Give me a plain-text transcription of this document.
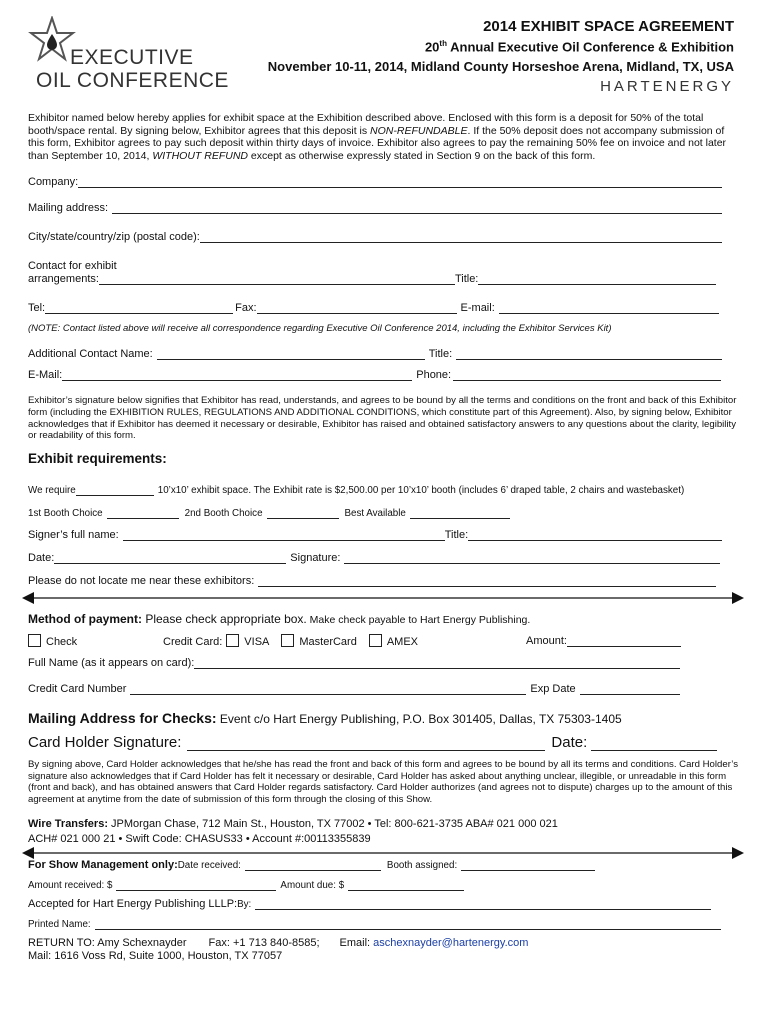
EXECUTIVE
OIL CONFERENCE
2014 EXHIBIT SPACE AGREEMENT
20th Annual Executive Oil Conference & Exhibition
November 10-11, 2014, Midland County Horseshoe Arena, Midland, TX, USA
HARTENERGY
Exhibitor named below hereby applies for exhibit space at the Exhibition described above. Enclosed with this form is a deposit for 50% of the total booth/space rental. By signing below, Exhibitor agrees that this deposit is NON-REFUNDABLE. If the 50% deposit does not accompany submission of this form, Exhibitor agrees to pay such deposit within thirty days of invoice. Exhibitor also agrees to pay the remaining 50% fee on invoice and not later than September 10, 2014, WITHOUT REFUND except as otherwise expressly stated in Section 9 on the back of this form.
Company:
Mailing address:
City/state/country/zip (postal code):
Contact for exhibit
arrangements:	Title:
Tel:	Fax:	E-mail:
(NOTE: Contact listed above will receive all correspondence regarding Executive Oil Conference 2014, including the Exhibitor Services Kit)
Additional Contact Name:	Title:
E-Mail:	Phone:
Exhibitor’s signature below signifies that Exhibitor has read, understands, and agrees to be bound by all the terms and conditions on the front and back of this Exhibitor form (including the EXHIBITION RULES, REGULATIONS AND ADDITIONAL CONDITIONS, which constitute part of this Agreement). Also, by signing below, Exhibitor acknowledges that if Exhibitor has deemed it necessary or desirable, Exhibitor has raised and obtained satisfactory answers to any questions about the clarity, legibility or readability of this form.
Exhibit requirements:
We require	10’x10’ exhibit space. The Exhibit rate is $2,500.00 per 10’x10’ booth (includes 6’ draped table, 2 chairs and wastebasket)
1st Booth Choice	2nd Booth Choice	Best Available
Signer’s full name:	Title:
Date:	Signature:
Please do not locate me near these exhibitors:
Method of payment: Please check appropriate box. Make check payable to Hart Energy Publishing.
Check	Credit Card: VISA	MasterCard	AMEX	Amount:
Full Name (as it appears on card):
Credit Card Number	Exp Date
Mailing Address for Checks: Event c/o Hart Energy Publishing, P.O. Box 301405, Dallas, TX 75303-1405
Card Holder Signature:	Date:
By signing above, Card Holder acknowledges that he/she has read the front and back of this form and agrees to be bound by all its terms and conditions. Card Holder’s signature also acknowledges that if Card Holder has felt it necessary or desirable, Card Holder has asked about anything unclear, illegible, or unreadable in this form (front and back), and has obtained answers that Card Holder regards satisfactory. Card Holder authorizes (and agrees not to dispute) charges up to the amount of this agreement at anytime from the date of submission of this form through the closing of this Show.
Wire Transfers: JPMorgan Chase, 712 Main St., Houston, TX 77002 • Tel: 800-621-3735 ABA# 021 000 021
ACH# 021 000 21 • Swift Code: CHASUS33 • Account #:00113355839
For Show Management only: Date received:	Booth assigned:
Amount received: $	Amount due: $
Accepted for Hart Energy Publishing LLLP: By:
Printed Name:
RETURN TO: Amy Schexnayder Fax: +1 713 840-8585; Email: aschexnayder@hartenergy.com
Mail: 1616 Voss Rd, Suite 1000, Houston, TX 77057
